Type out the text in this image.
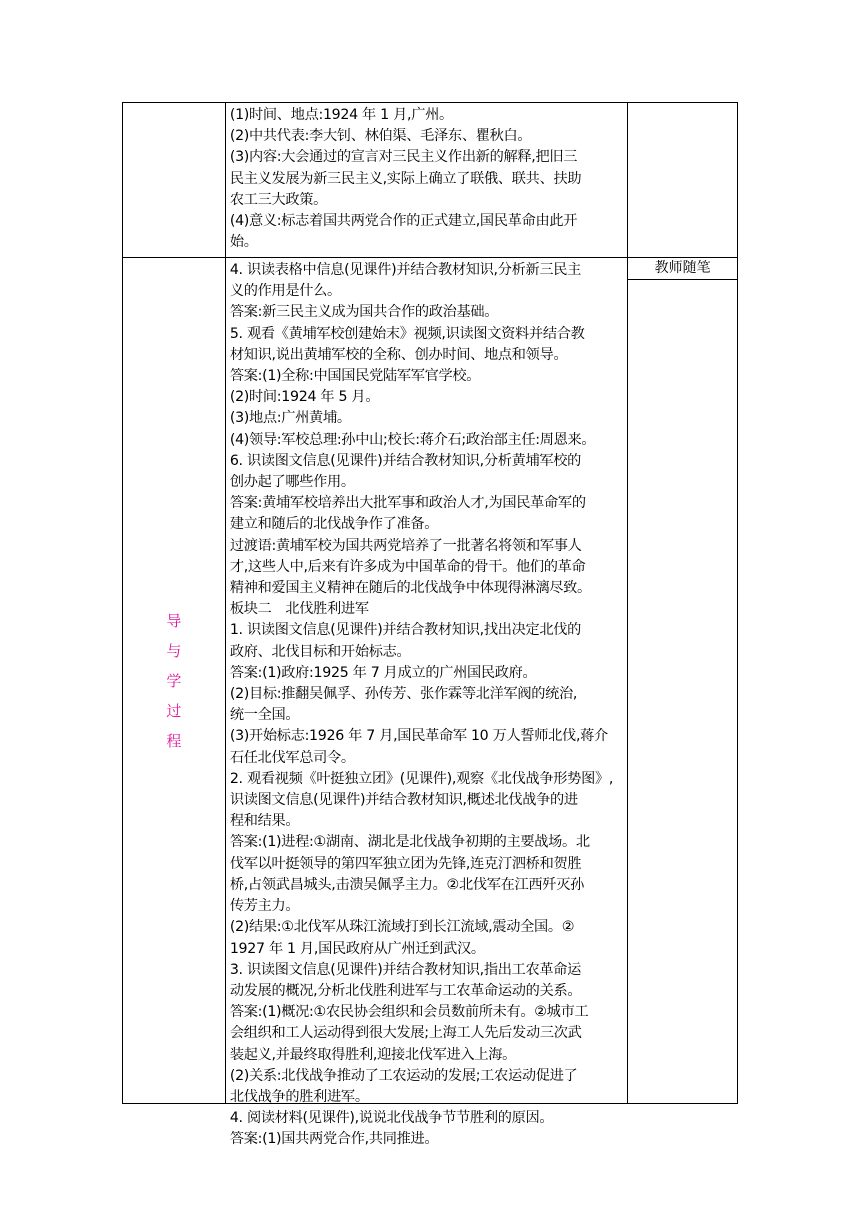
(1)时间、地点:1924 年 1 月,广州。
(2)中共代表:李大钊、林伯渠、毛泽东、瞿秋白。
(3)内容:大会通过的宣言对三民主义作出新的解释,把旧三
民主义发展为新三民主义,实际上确立了联俄、联共、扶助
农工三大政策。
(4)意义:标志着国共两党合作的正式建立,国民革命由此开
始。
导
与
学
过
程
4. 识读表格中信息(见课件)并结合教材知识,分析新三民主
义的作用是什么。
答案:新三民主义成为国共合作的政治基础。
5. 观看《黄埔军校创建始末》视频,识读图文资料并结合教
材知识,说出黄埔军校的全称、创办时间、地点和领导。
答案:(1)全称:中国国民党陆军军官学校。
(2)时间:1924 年 5 月。
(3)地点:广州黄埔。
(4)领导:军校总理:孙中山;校长:蒋介石;政治部主任:周恩来。
6. 识读图文信息(见课件)并结合教材知识,分析黄埔军校的
创办起了哪些作用。
答案:黄埔军校培养出大批军事和政治人才,为国民革命军的
建立和随后的北伐战争作了准备。
过渡语:黄埔军校为国共两党培养了一批著名将领和军事人
才,这些人中,后来有许多成为中国革命的骨干。他们的革命
精神和爱国主义精神在随后的北伐战争中体现得淋漓尽致。
板块二　北伐胜利进军
1. 识读图文信息(见课件)并结合教材知识,找出决定北伐的
政府、北伐目标和开始标志。
答案:(1)政府:1925 年 7 月成立的广州国民政府。
(2)目标:推翻吴佩孚、孙传芳、张作霖等北洋军阀的统治,
统一全国。
(3)开始标志:1926 年 7 月,国民革命军 10 万人誓师北伐,蒋介
石任北伐军总司令。
2. 观看视频《叶挺独立团》(见课件),观察《北伐战争形势图》,
识读图文信息(见课件)并结合教材知识,概述北伐战争的进
程和结果。
答案:(1)进程:①湖南、湖北是北伐战争初期的主要战场。北
伐军以叶挺领导的第四军独立团为先锋,连克汀泗桥和贺胜
桥,占领武昌城头,击溃吴佩孚主力。②北伐军在江西歼灭孙
传芳主力。
(2)结果:①北伐军从珠江流域打到长江流域,震动全国。②
1927 年 1 月,国民政府从广州迁到武汉。
3. 识读图文信息(见课件)并结合教材知识,指出工农革命运
动发展的概况,分析北伐胜利进军与工农革命运动的关系。
答案:(1)概况:①农民协会组织和会员数前所未有。②城市工
会组织和工人运动得到很大发展;上海工人先后发动三次武
装起义,并最终取得胜利,迎接北伐军进入上海。
(2)关系:北伐战争推动了工农运动的发展;工农运动促进了
北伐战争的胜利进军。
4. 阅读材料(见课件),说说北伐战争节节胜利的原因。
答案:(1)国共两党合作,共同推进。
教师随笔
